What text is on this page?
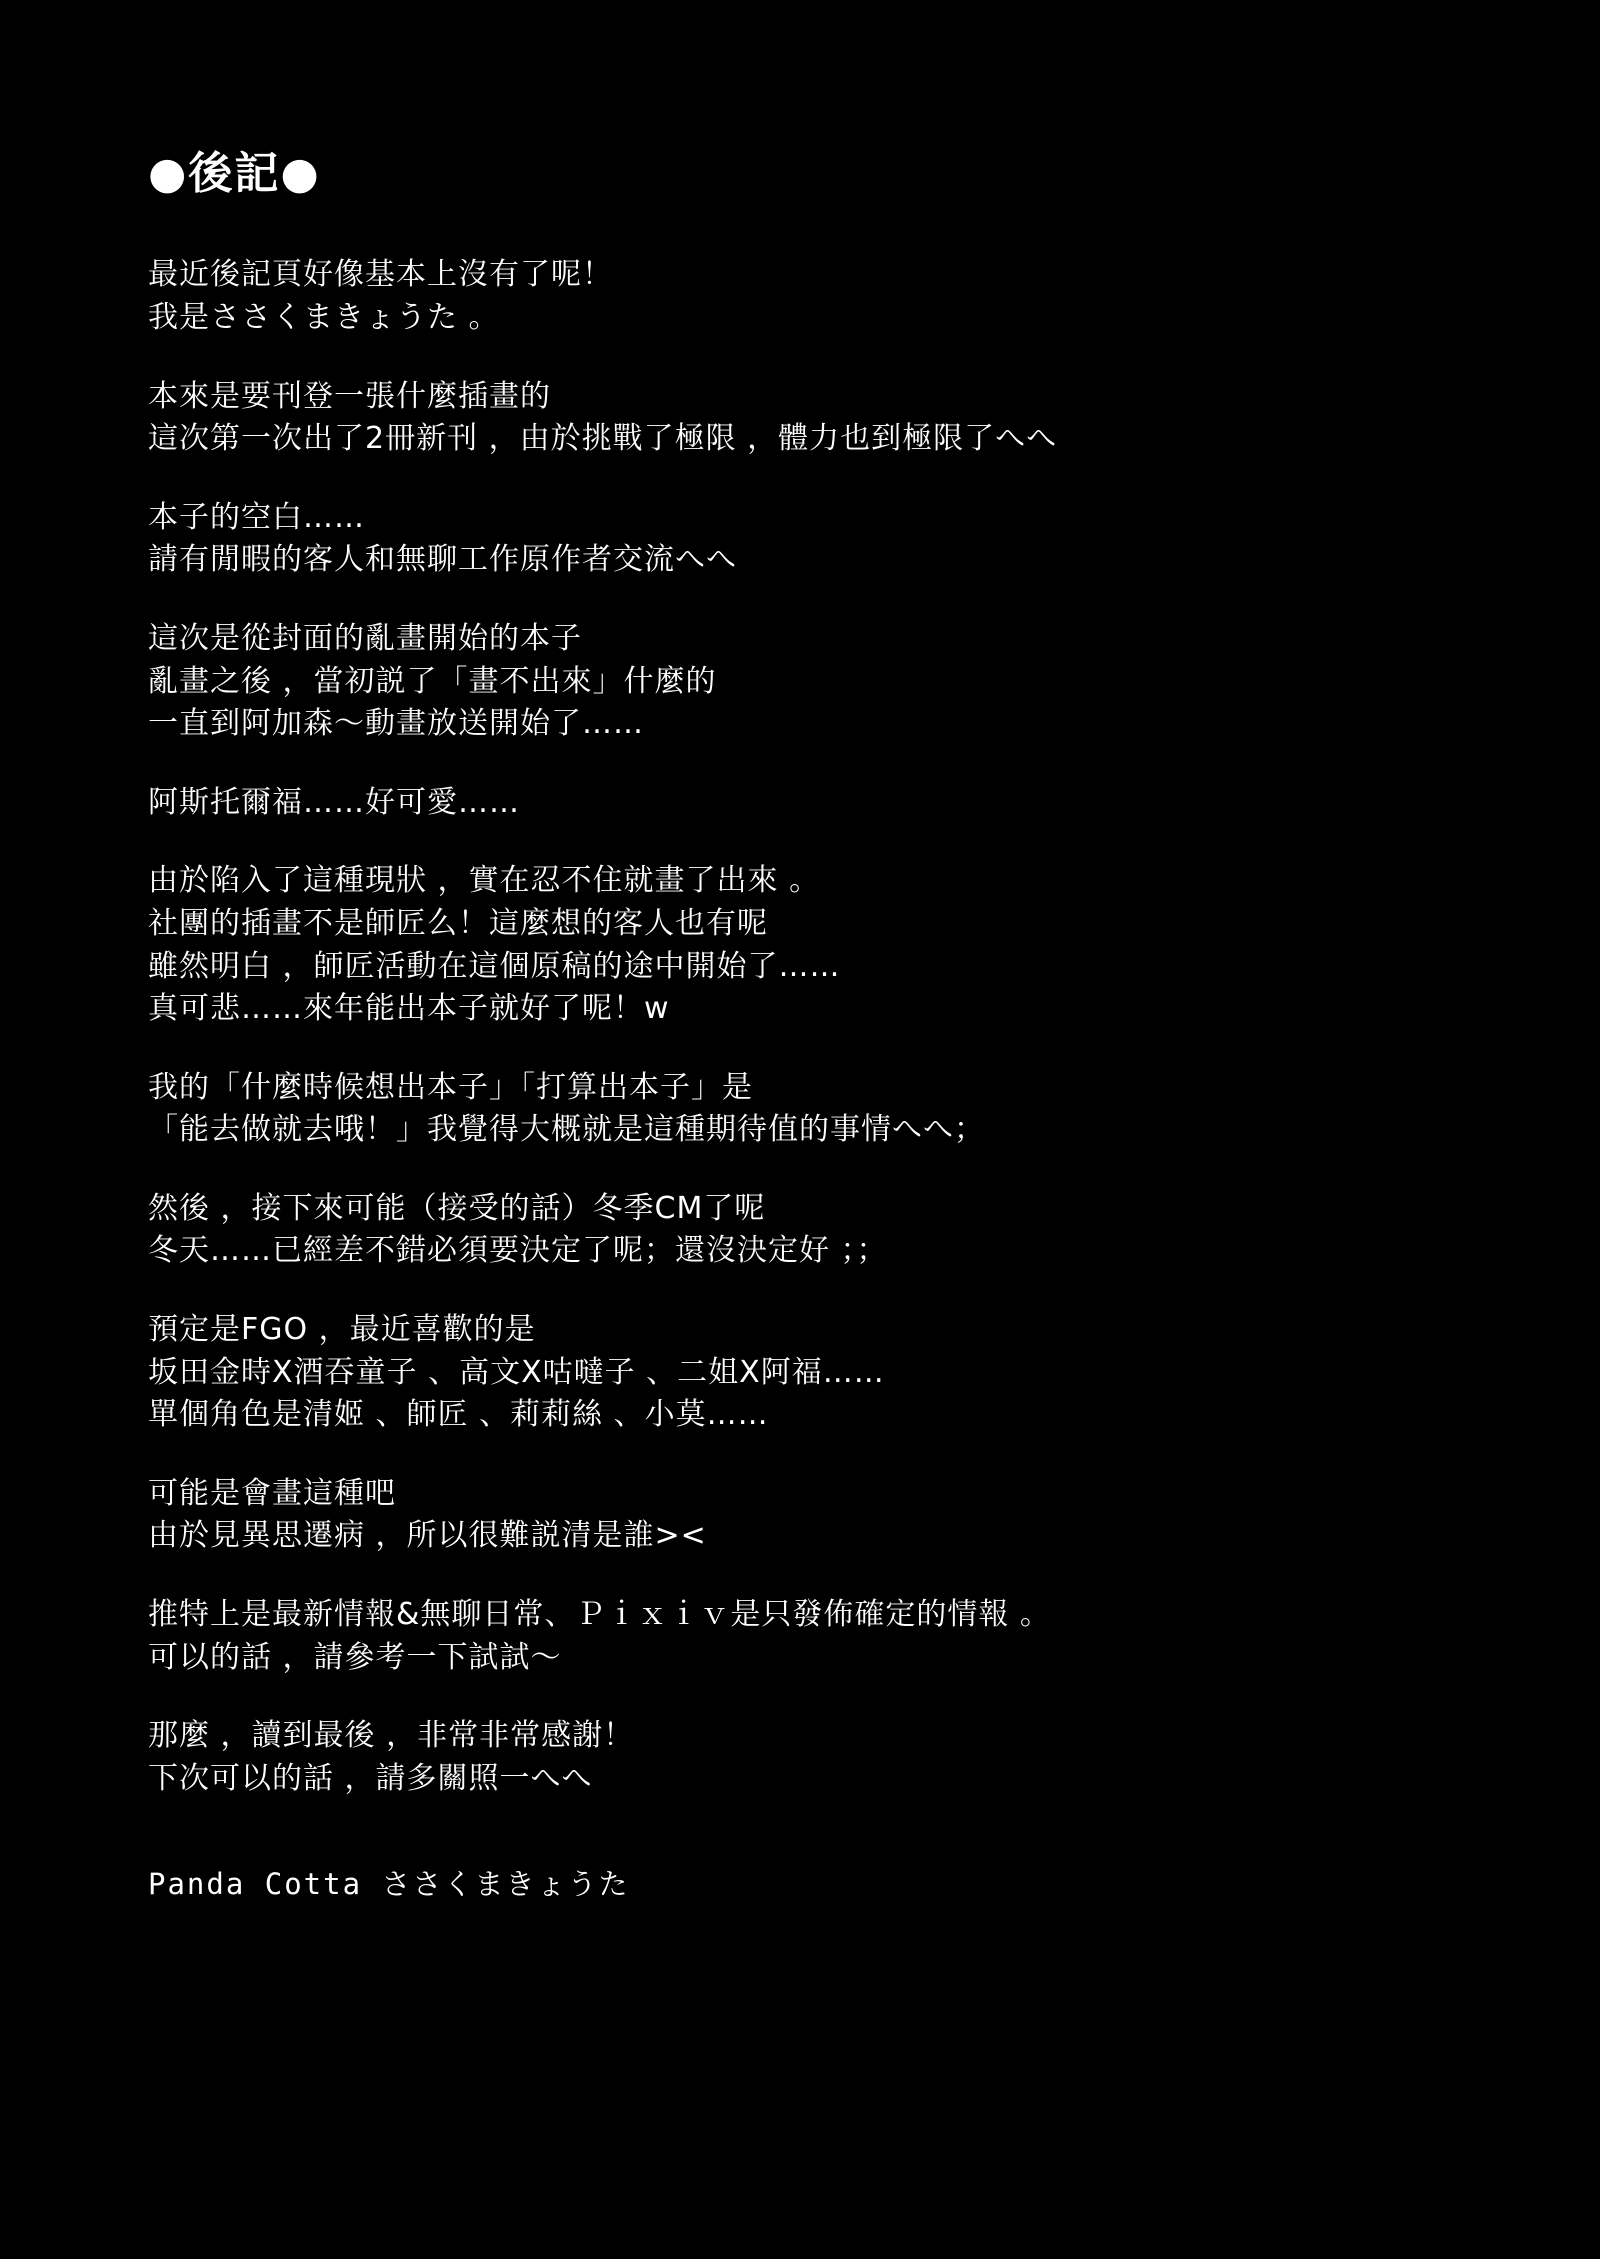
●後記●
最近後記頁好像基本上沒有了呢！
我是ささくまきょうた 。
本來是要刊登一張什麼插畫的
這次第一次出了2冊新刊 ，由於挑戰了極限 ，體力也到極限了へへ
本子的空白……
請有閒暇的客人和無聊工作原作者交流へへ
這次是從封面的亂畫開始的本子
亂畫之後 ，當初説了「畫不出來」什麼的
一直到阿加森〜動畫放送開始了……
阿斯托爾福……好可愛……
由於陷入了這種現狀 ，實在忍不住就畫了出來 。
社團的插畫不是師匠么！這麼想的客人也有呢
雖然明白 ，師匠活動在這個原稿的途中開始了……
真可悲……來年能出本子就好了呢！w
我的「什麼時候想出本子」「打算出本子」是
「能去做就去哦！」我覺得大概就是這種期待值的事情へへ；
然後 ，接下來可能（接受的話）冬季CM了呢
冬天……已經差不錯必須要決定了呢；還沒決定好 ；；
預定是FGO ，最近喜歡的是
坂田金時X酒吞童子 、高文X咕噠子 、二姐X阿福……
單個角色是清姬 、師匠 、莉莉絲 、小莫……
可能是會畫這種吧
由於見異思遷病 ，所以很難説清是誰><
推特上是最新情報&無聊日常、Ｐｉｘｉｖ是只發佈確定的情報 。
可以的話 ，請參考一下試試〜
那麼 ，讀到最後 ，非常非常感謝！
下次可以的話 ，請多關照一へへ
Panda Cotta ささくまきょうた
